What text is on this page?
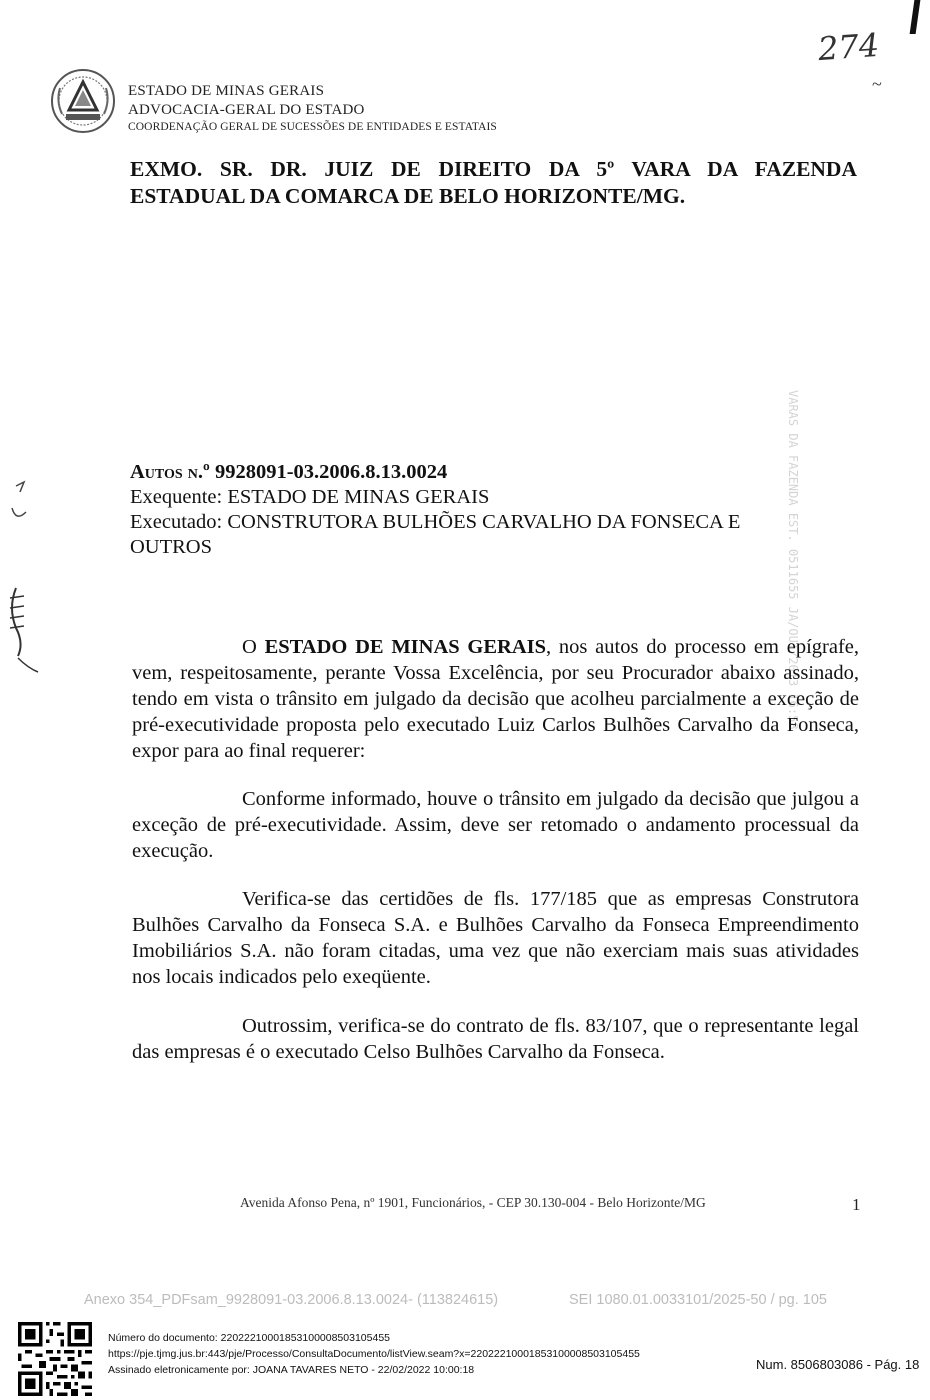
ESTADO DE MINAS GERAIS
ADVOCACIA-GERAL DO ESTADO
COORDENAÇÃO GERAL DE SUCESSÕES DE ENTIDADES E ESTATAIS
274
~
EXMO. SR. DR. JUIZ DE DIREITO DA 5º VARA DA FAZENDA
ESTADUAL DA COMARCA DE BELO HORIZONTE/MG.
VARAS DA FAZENDA EST. 0511655 JA/OUT/2013 16:58
Autos n.º 9928091-03.2006.8.13.0024
Exequente: ESTADO DE MINAS GERAIS
Executado: CONSTRUTORA BULHÕES CARVALHO DA FONSECA E OUTROS
O ESTADO DE MINAS GERAIS, nos autos do processo em epígrafe, vem, respeitosamente, perante Vossa Excelência, por seu Procurador abaixo assinado, tendo em vista o trânsito em julgado da decisão que acolheu parcialmente a exceção de pré-executividade proposta pelo executado Luiz Carlos Bulhões Carvalho da Fonseca, expor para ao final requerer:
Conforme informado, houve o trânsito em julgado da decisão que julgou a exceção de pré-executividade. Assim, deve ser retomado o andamento processual da execução.
Verifica-se das certidões de fls. 177/185 que as empresas Construtora Bulhões Carvalho da Fonseca S.A. e Bulhões Carvalho da Fonseca Empreendimento Imobiliários S.A. não foram citadas, uma vez que não exerciam mais suas atividades nos locais indicados pelo exeqüente.
Outrossim, verifica-se do contrato de fls. 83/107, que o representante legal das empresas é o executado Celso Bulhões Carvalho da Fonseca.
Avenida Afonso Pena, nº 1901, Funcionários, - CEP 30.130-004 - Belo Horizonte/MG	1
Anexo 354_PDFsam_9928091-03.2006.8.13.0024- (113824615)	SEI 1080.01.0033101/2025-50 / pg. 105
Número do documento: 22022210001853100008503105455
https://pje.tjmg.jus.br:443/pje/Processo/ConsultaDocumento/listView.seam?x=22022210001853100008503105455
Assinado eletronicamente por: JOANA TAVARES NETO - 22/02/2022 10:00:18	Num. 8506803086 - Pág. 18
